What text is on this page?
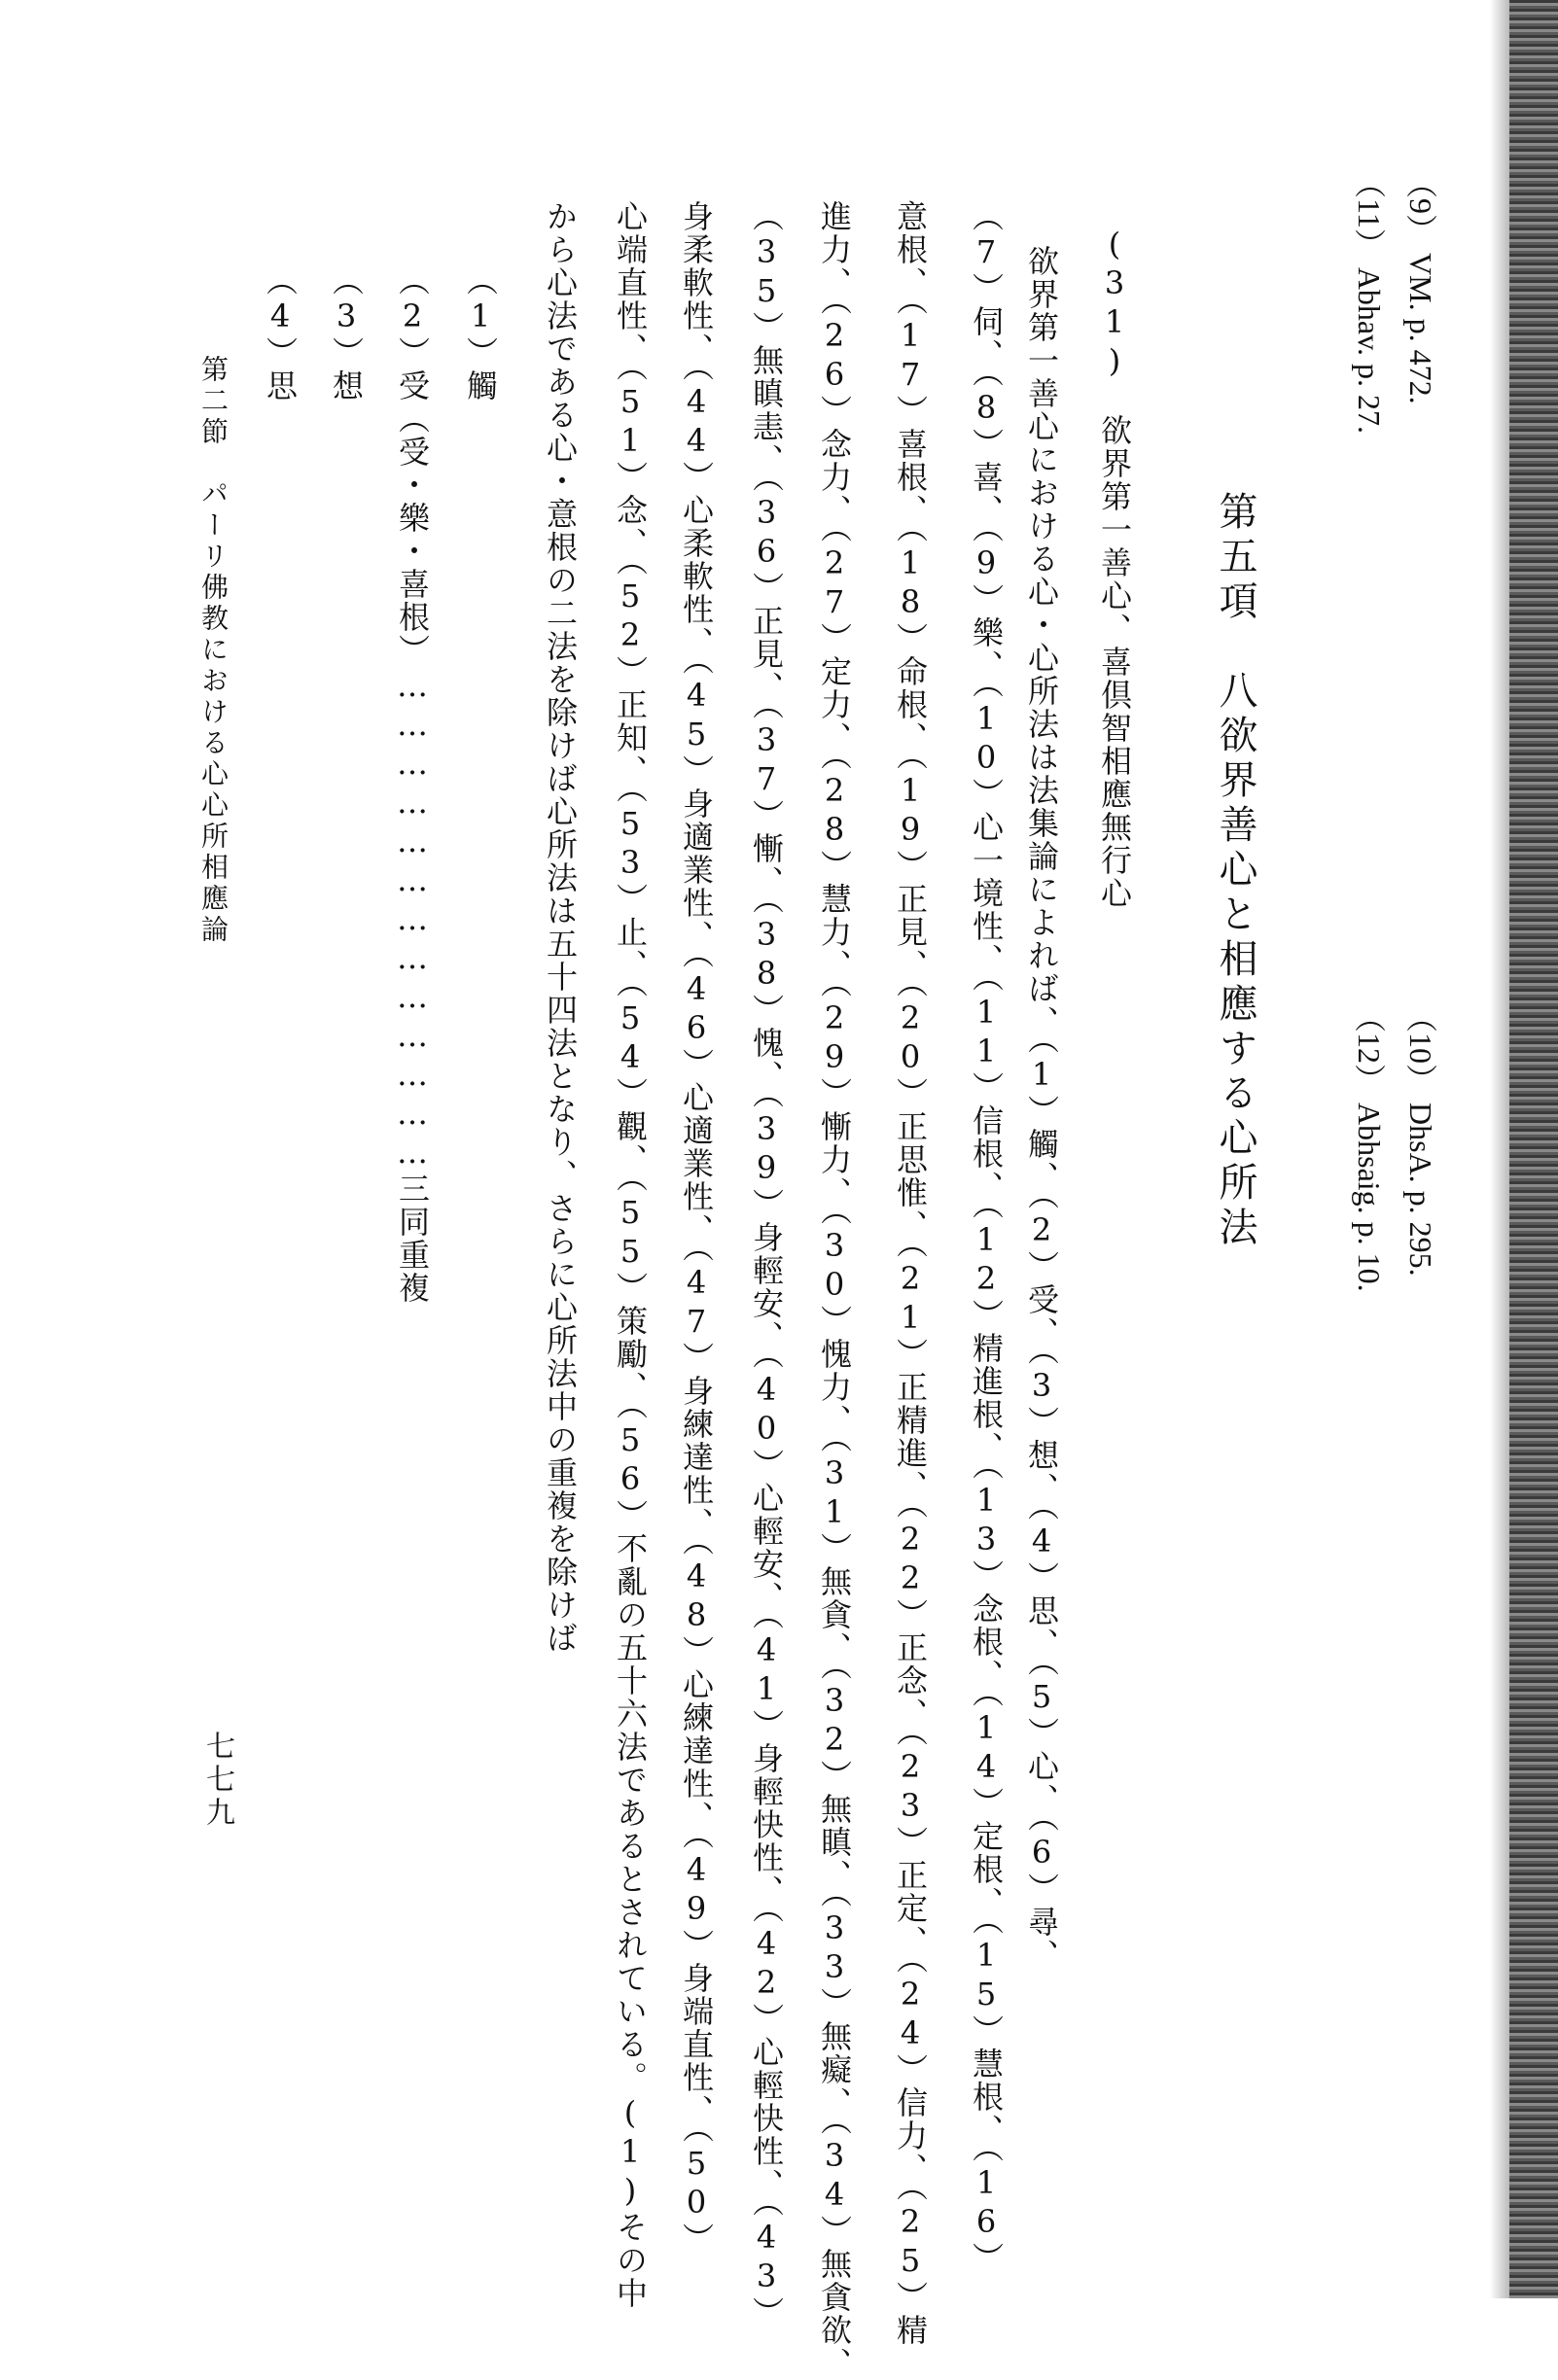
（9） VM. p. 472.
（10） DhsA. p. 295.
（11） Abhav. p. 27.
（12） Abhsaig. p. 10.
第五項　八欲界善心と相應する心所法
(31)　欲界第一善心、喜倶智相應無行心
欲界第一善心における心・心所法は法集論によれば、（1）觸、（2）受、（3）想、（4）思、（5）心、（6）尋、
（7）伺、（8）喜、（9）樂、（10）心一境性、（11）信根、（12）精進根、（13）念根、（14）定根、（15）慧根、（16）
意根、（17）喜根、（18）命根、（19）正見、（20）正思惟、（21）正精進、（22）正念、（23）正定、（24）信力、（25）精
進力、（26）念力、（27）定力、（28）慧力、（29）慚力、（30）愧力、（31）無貪、（32）無瞋、（33）無癡、（34）無貪欲、
（35）無瞋恚、（36）正見、（37）慚、（38）愧、（39）身輕安、（40）心輕安、（41）身輕快性、（42）心輕快性、（43）
身柔軟性、（44）心柔軟性、（45）身適業性、（46）心適業性、（47）身練達性、（48）心練達性、（49）身端直性、（50）
心端直性、（51）念、（52）正知、（53）止、（54）觀、（55）策勵、（56）不亂の五十六法であるとされている。(1)その中
から心法である心・意根の二法を除けば心所法は五十四法となり、さらに心所法中の重複を除けば
（1）觸
（2）受（受・樂・喜根）…………………………………三同重複
（3）想
（4）思
第二節　パーリ佛教における心心所相應論
七七九
